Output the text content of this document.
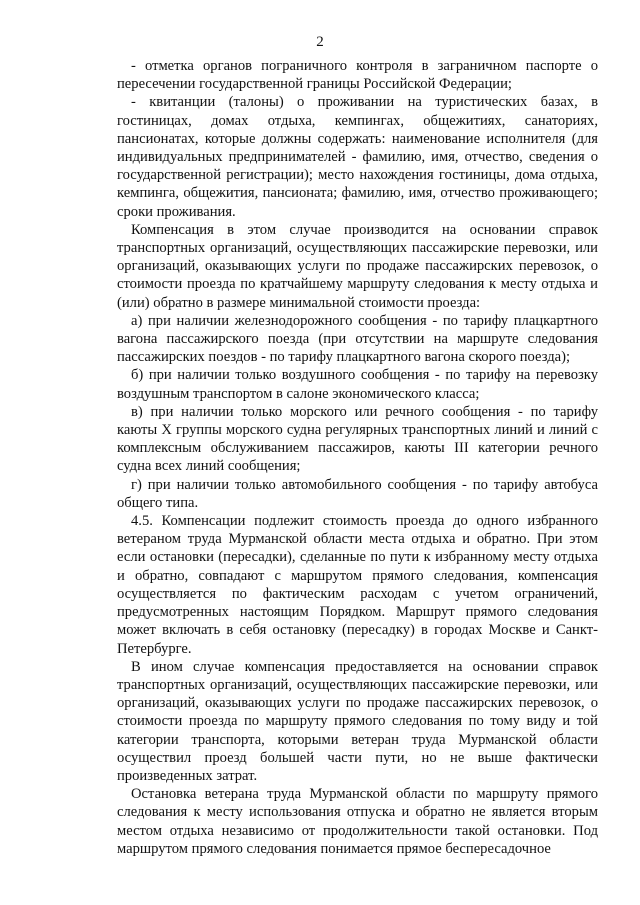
2

- отметка органов пограничного контроля в заграничном паспорте о пересечении государственной границы Российской Федерации;

- квитанции (талоны) о проживании на туристических базах, в гостиницах, домах отдыха, кемпингах, общежитиях, санаториях, пансионатах, которые должны содержать: наименование исполнителя (для индивидуальных предпринимателей - фамилию, имя, отчество, сведения о государственной регистрации); место нахождения гостиницы, дома отдыха, кемпинга, общежития, пансионата; фамилию, имя, отчество проживающего; сроки проживания.

Компенсация в этом случае производится на основании справок транспортных организаций, осуществляющих пассажирские перевозки, или организаций, оказывающих услуги по продаже пассажирских перевозок, о стоимости проезда по кратчайшему маршруту следования к месту отдыха и (или) обратно в размере минимальной стоимости проезда:

а) при наличии железнодорожного сообщения - по тарифу плацкартного вагона пассажирского поезда (при отсутствии на маршруте следования пассажирских поездов - по тарифу плацкартного вагона скорого поезда);

б) при наличии только воздушного сообщения - по тарифу на перевозку воздушным транспортом в салоне экономического класса;

в) при наличии только морского или речного сообщения - по тарифу каюты X группы морского судна регулярных транспортных линий и линий с комплексным обслуживанием пассажиров, каюты III категории речного судна всех линий сообщения;

г) при наличии только автомобильного сообщения - по тарифу автобуса общего типа.

4.5. Компенсации подлежит стоимость проезда до одного избранного ветераном труда Мурманской области места отдыха и обратно. При этом если остановки (пересадки), сделанные по пути к избранному месту отдыха и обратно, совпадают с маршрутом прямого следования, компенсация осуществляется по фактическим расходам с учетом ограничений, предусмотренных настоящим Порядком. Маршрут прямого следования может включать в себя остановку (пересадку) в городах Москве и Санкт-Петербурге.

В ином случае компенсация предоставляется на основании справок транспортных организаций, осуществляющих пассажирские перевозки, или организаций, оказывающих услуги по продаже пассажирских перевозок, о стоимости проезда по маршруту прямого следования по тому виду и той категории транспорта, которыми ветеран труда Мурманской области осуществил проезд большей части пути, но не выше фактически произведенных затрат.

Остановка ветерана труда Мурманской области по маршруту прямого следования к месту использования отпуска и обратно не является вторым местом отдыха независимо от продолжительности такой остановки. Под маршрутом прямого следования понимается прямое беспересадочное
